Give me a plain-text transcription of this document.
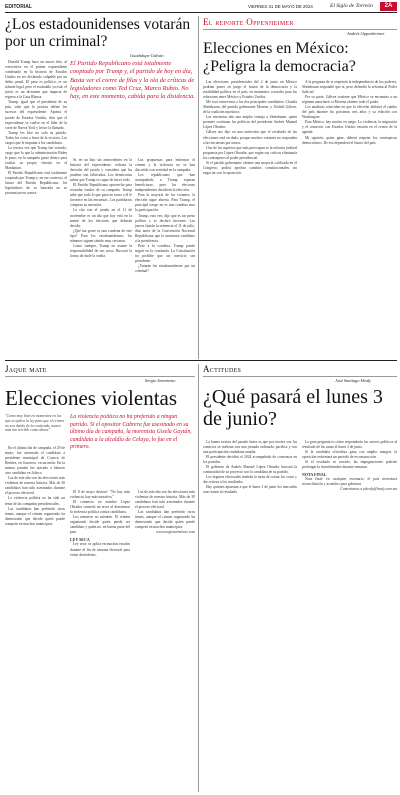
EDITORIAL	VIERNES 31 DE MAYO DE 2024	El Siglo de Torreón	2A
¿Los estadounidenses votarán por un criminal?
Guadalupe Galván

Donald Trump hace un nuevo hito, al convertirse en el primer expresidente condenado en la historia de Estados Unidos en ser declarado culpable por un delito penal. El peso es político, es un trámite legal, pero el escándalo ya está, el juicio es un dictamen que impacta de regreso a la Casa Blanca.

Trump, igual que el presidente de su país, sabe que la justicia define los sucesos del expresidente. Apunta el jurado de Estados Unidos, dice que el expresidente se vuelve en el líder de la corte de Nueva York y lector la llamada.

Trump les hice no solo su partido. Todos los votos a favor de la victoria. Los cargos que le imputan a los candidatos.

La tercera vez que Trump fue vencido, cargo que lo que la administración Biden le puso; en la campaña gastó dinero para ocultar su propio vínculo en el Manhattan.

El Partido Republicano está totalmente cooptado por Trump y, en ese contexto, el futuro del Partido Republicano, los legisladores de su bancada no se pronuncian en contra.

El Partido Republicano está totalmente cooptado por Trump y, el partido de hoy en día, Basta ver el cierre de filas y la ola de críticas de legisladores como Ted Cruz, Marco Rubio. No hay, en este momento, cabida para la disidencia.

Si, en un hito sin antecedentes en la historia del expresidente, rechaza la decisión del jurado y considera que las pruebas son fabricadas. Los demócratas saben que Trump es capaz de hacer todo.

El Partido Republicano aprovecha para recaudar fondos de su campaña. Trump sabe que todo lo que pasa en torno a él le favorece en las encuestas. Los partidarios compran su narrativa.

La cita con el jurado en el 11 de noviembre es un día que hoy está en la mente de los electores que deberán decidir.

¿Qué tan grave es una condena de este tipo? Para los estadounidenses, los números siguen siendo muy cercanos.

Como siempre, Trump no asume la responsabilidad de sus actos. Buscará la forma de darle la vuelta.

Las propuestas para enfrentar el crimen y la violencia no se han discutido con seriedad en la campaña.

Los republicanos que han acompañado a Trump esperan beneficiarse, pero los electores independientes decidirán la elección.

Para la mayoría de los votantes, la elección sigue abierta. Para Trump, el principal riesgo no es una condena sino la participación.

Trump, esta vez, dijo que es un preso político y se declaró inocente. Los jueces fijarán la sentencia el 11 de julio, días antes de la Convención Nacional Republicana que lo nominará candidato a la presidencia.

Pese a la condena, Trump puede seguir en la contienda. La Constitución no prohíbe que un convicto sea presidente.

¿Votarán los estadounidenses por un criminal?

El reporte Oppenheimer
Andrés Oppenheimer
Elecciones en México: ¿Peligra la democracia?

Las elecciones presidenciales del 2 de junio en México podrían poner en juego el futuro de la democracia y la estabilidad política en el país, en momentos cruciales para las relaciones entre México y Estados Unidos.

Me tocó entrevistar a los dos principales candidatos: Claudia Sheinbaum, del partido gobernante Morena, y Xóchitl Gálvez, de la coalición opositora.

Las encuestas dan una amplia ventaja a Sheinbaum, quien promete continuar las políticas del presidente Andrés Manuel López Obrador.

Gálvez me dijo en una entrevista que el resultado de las elecciones está en duda, porque muchos votantes no responden a las encuestas por temor.

Uno de los aspectos que más preocupan es la reforma judicial propuesta por López Obrador, que según sus críticos eliminaría los contrapesos al poder presidencial.

Si el partido gobernante obtiene una mayoría calificada en el Congreso, podría aprobar cambios constitucionales sin negociar con la oposición.

A la pregunta de si respetará la independencia de los poderes, Sheinbaum respondió que sí, pero defendió la reforma al Poder Judicial.

Por su parte, Gálvez sostiene que México se encamina a un régimen autoritario si Morena obtiene todo el poder.

Los analistas coinciden en que la elección definirá el rumbo del país durante los próximos seis años y su relación con Washington.

Para México, hay mucho en juego. La violencia, la migración y el comercio con Estados Unidos estarán en el centro de la agenda.

Mi opinión: quien gane, deberá respetar los contrapesos democráticos. De eso dependerá el futuro del país.

Jaque mate
Sergio Sarmiento
Elecciones violentas
"Como muy bien en momentos en los que se aplica la ley para que el crimen no sea dueño de la contienda, nunca más tan terrible como ahora"

En el último día de campaña, el 29 de mayo, fue asesinado el candidato a presidente municipal de Coyuca de Benítez, en Guerrero, en un mitin. En la misma jornada fue atacado a balazos otro candidato en Jalisco.

Las de este año son las elecciones más violentas de nuestra historia. Más de 30 candidatos han sido asesinados durante el proceso electoral.

La violencia política no ha sido un tema de las campañas presidenciales.

Las candidatas han preferido otros temas, aunque el crimen organizado ha demostrado que decide quién puede competir en muchos municipios.

La violencia política no ha preferido a ningún partido. Si el opositor Cabrera fue asesinado en su último día de campaña, la morenista Gisela Gaytán, candidata a la alcaldía de Celaya, lo fue en el primero.

El 8 de mayo declaró: "No hay más violencia, hay más narrativa."

El comercio en nombre López Obrador cometió un error al desestimar la violencia política contra candidatos.

Los números no mienten. El crimen organizado decide quién puede ser candidato y quién no, en buena parte del país.

LEY SECA

Ley seca: se aplica en muchos estados durante el fin de semana electoral para evitar desórdenes.

Las de este año son las elecciones más violentas de nuestra historia. Más de 30 candidatos han sido asesinados durante el proceso electoral.

Las candidatas han preferido otros temas, aunque el crimen organizado ha demostrado que decide quién puede competir en muchos municipios.

www.sergiosarmiento.com
Actitudes
José Santiago Healy
¿Qué pasará el lunes 3 de junio?

La buena noticia del pasado lunes es que por tercera vez los comicios se realizan con una jornada ordenada, pacífica y con una participación ciudadana amplia.

El presidente decidirá el 2024 acompañado de consensos en los partidos.

El gobierno de Andrés Manuel López Obrador buscará la continuidad de su proyecto con la candidata de su partido.

Los órganos electorales tendrán la tarea de contar los votos y dar certeza a los resultados.

Hay quienes apuestan a que el lunes 3 de junio los mercados reaccionen al resultado.

La gran pregunta es cómo responderán los actores políticos al resultado de las urnas el lunes 3 de junio.

Si la candidata oficialista gana con amplio margen, la oposición enfrentará un periodo de reconstrucción.

Si el resultado es cerrado, las impugnaciones podrían prolongar la incertidumbre durante semanas.

NOTA FINAL

Nota final: en cualquier escenario, el país necesitará reconciliación y acuerdos para gobernar.

Comentarios a jshealy@healy.com.mx
